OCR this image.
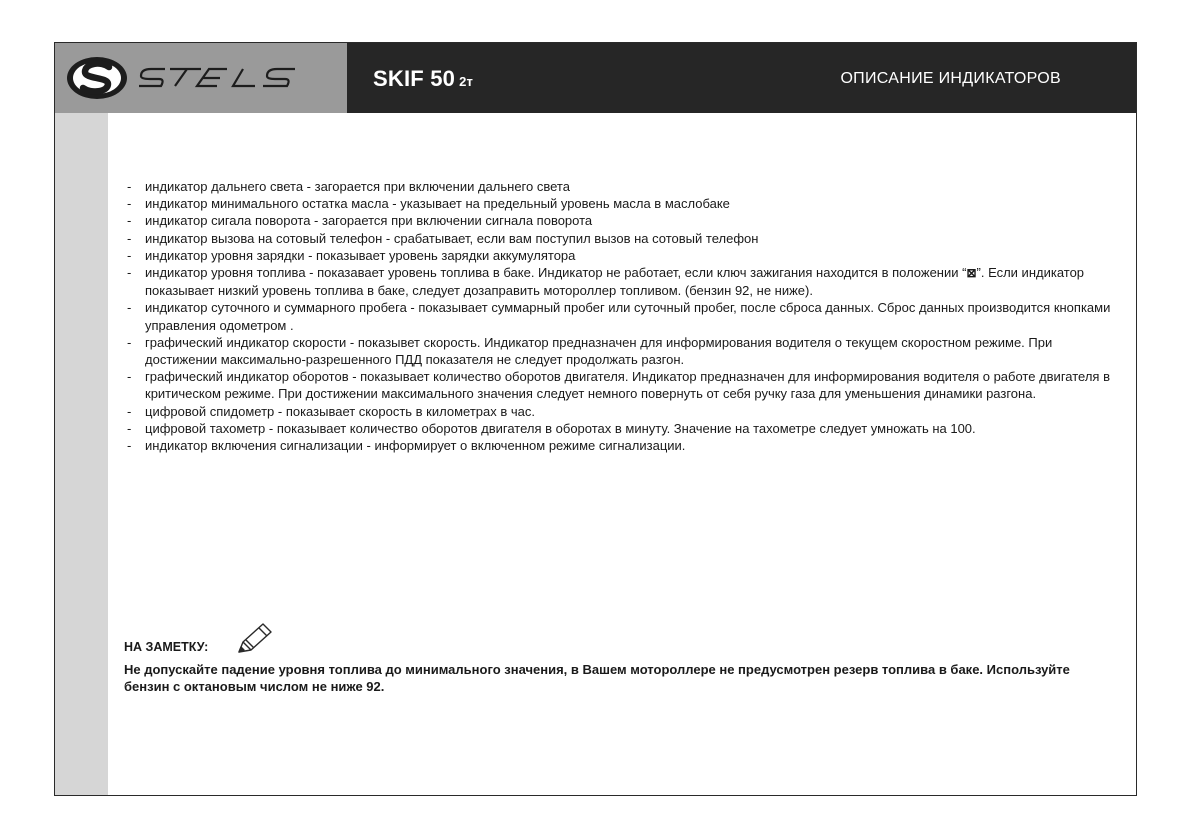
SKIF 50 2т	ОПИСАНИЕ ИНДИКАТОРОВ
- индикатор дальнего света - загорается при включении дальнего света
- индикатор минимального остатка масла - указывает на предельный уровень масла в маслобаке
- индикатор сигала поворота - загорается при включении сигнала поворота
- индикатор вызова на сотовый телефон - срабатывает, если вам поступил вызов на сотовый телефон
- индикатор уровня зарядки - показывает уровень зарядки аккумулятора
- индикатор уровня топлива - показавает уровень топлива в баке. Индикатор не работает, если ключ зажигания находится в положении “⊠”. Если индикатор показывает низкий уровень топлива в баке, следует дозаправить мотороллер топливом. (бензин 92, не ниже).
- индикатор суточного и суммарного пробега - показывает суммарный пробег или суточный пробег, после сброса данных. Сброс данных производится кнопками управления одометром .
- графический индикатор скорости - показывет скорость. Индикатор предназначен для информирования водителя о текущем скоростном режиме. При достижении максимально-разрешенного ПДД показателя не следует продолжать разгон.
- графический индикатор оборотов - показывает количество оборотов двигателя. Индикатор предназначен для информирования водителя о работе двигателя в критическом режиме. При достижении максимального значения следует немного повернуть от себя ручку газа для уменьшения динамики разгона.
- цифровой спидометр - показывает скорость в километрах в час.
- цифровой тахометр - показывает количество оборотов двигателя в оборотах в минуту. Значение на тахометре следует умножать на 100.
- индикатор включения сигнализации - информирует о включенном режиме сигнализации.
НА ЗАМЕТКУ:
Не допускайте падение уровня топлива до минимального значения, в Вашем мотороллере не предусмотрен резерв топлива в баке. Используйте бензин с октановым числом не ниже 92.
